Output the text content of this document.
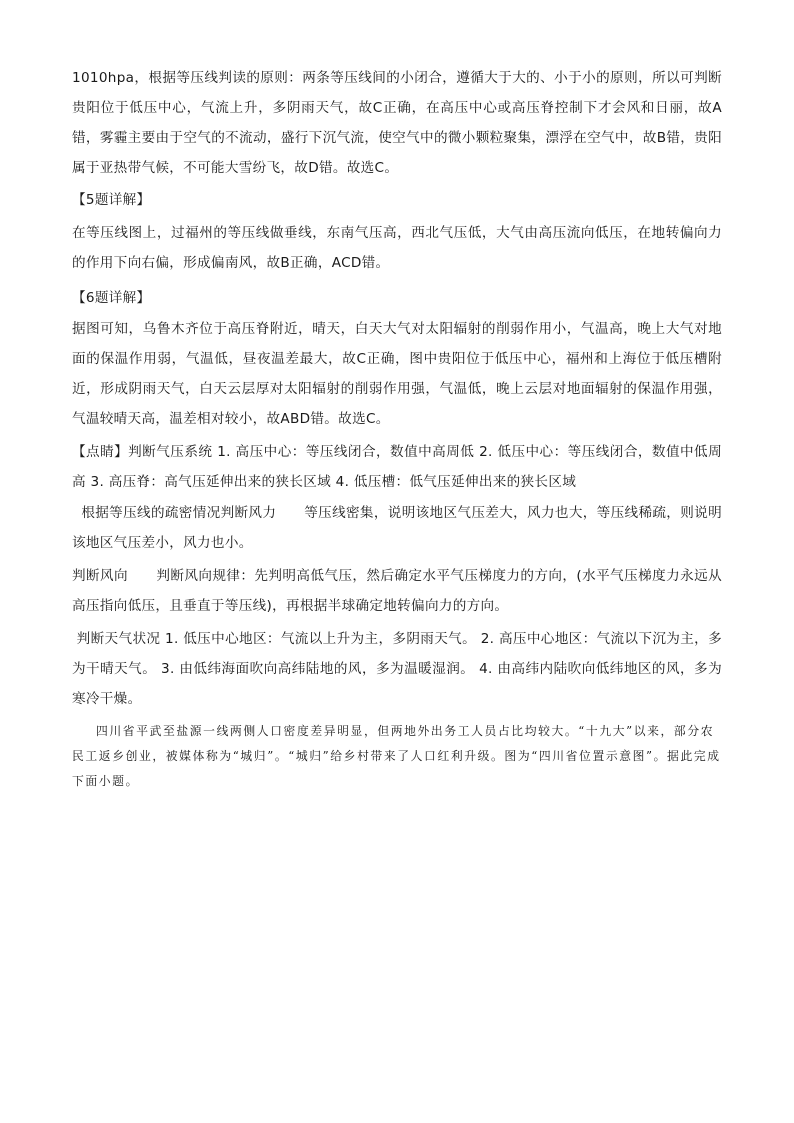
1010hpa，根据等压线判读的原则：两条等压线间的小闭合，遵循大于大的、小于小的原则，所以可判断贵阳位于低压中心，气流上升，多阴雨天气，故C正确，在高压中心或高压脊控制下才会风和日丽，故A错，雾霾主要由于空气的不流动，盛行下沉气流，使空气中的微小颗粒聚集，漂浮在空气中，故B错，贵阳属于亚热带气候，不可能大雪纷飞，故D错。故选C。

【5题详解】

在等压线图上，过福州的等压线做垂线，东南气压高，西北气压低，大气由高压流向低压，在地转偏向力的作用下向右偏，形成偏南风，故B正确，ACD错。

【6题详解】

据图可知，乌鲁木齐位于高压脊附近，晴天，白天大气对太阳辐射的削弱作用小，气温高，晚上大气对地面的保温作用弱，气温低，昼夜温差最大，故C正确，图中贵阳位于低压中心，福州和上海位于低压槽附近，形成阴雨天气，白天云层厚对太阳辐射的削弱作用强，气温低，晚上云层对地面辐射的保温作用强，气温较晴天高，温差相对较小，故ABD错。故选C。

【点睛】判断气压系统 1. 高压中心：等压线闭合，数值中高周低 2. 低压中心：等压线闭合，数值中低周高 3. 高压脊：高气压延伸出来的狭长区域 4. 低压槽：低气压延伸出来的狭长区域

根据等压线的疏密情况判断风力      等压线密集，说明该地区气压差大，风力也大，等压线稀疏，则说明该地区气压差小，风力也小。

判断风向      判断风向规律：先判明高低气压，然后确定水平气压梯度力的方向，(水平气压梯度力永远从高压指向低压，且垂直于等压线)，再根据半球确定地转偏向力的方向。

判断天气状况 1. 低压中心地区：气流以上升为主，多阴雨天气。 2. 高压中心地区：气流以下沉为主，多为干晴天气。 3. 由低纬海面吹向高纬陆地的风，多为温暖湿润。 4. 由高纬内陆吹向低纬地区的风，多为寒冷干燥。

四川省平武至盐源一线两侧人口密度差异明显，但两地外出务工人员占比均较大。“十九大”以来，部分农民工返乡创业，被媒体称为“城归”。“城归”给乡村带来了人口红利升级。图为“四川省位置示意图”。据此完成下面小题。
